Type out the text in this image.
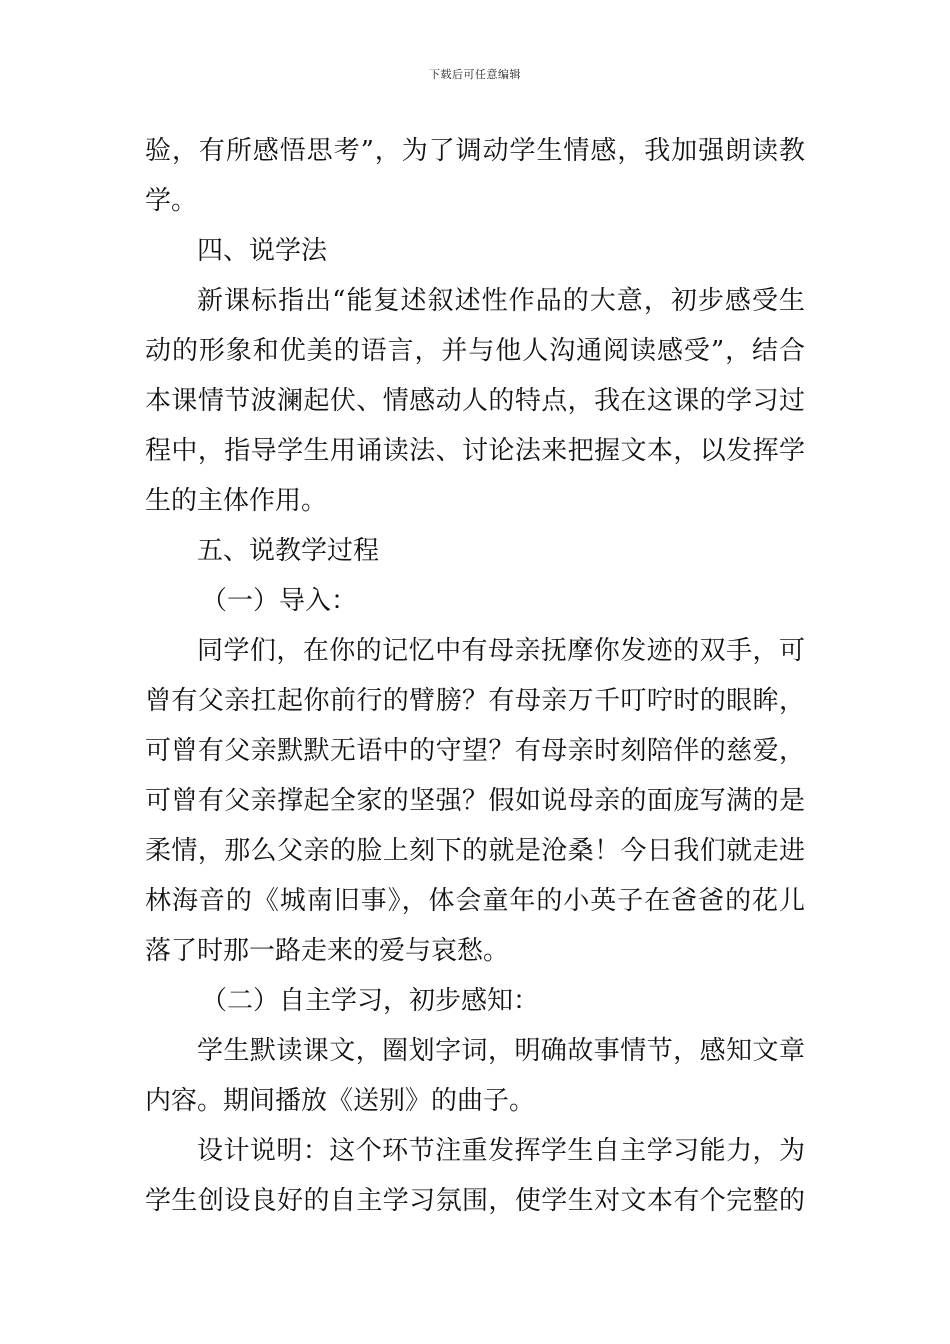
下载后可任意编辑
验，有所感悟思考”，为了调动学生情感，我加强朗读教
学。
四、说学法
新课标指出“能复述叙述性作品的大意，初步感受生
动的形象和优美的语言，并与他人沟通阅读感受”，结合
本课情节波澜起伏、情感动人的特点，我在这课的学习过
程中，指导学生用诵读法、讨论法来把握文本，以发挥学
生的主体作用。
五、说教学过程
（一）导入：
同学们，在你的记忆中有母亲抚摩你发迹的双手，可
曾有父亲扛起你前行的臂膀？有母亲万千叮咛时的眼眸，
可曾有父亲默默无语中的守望？有母亲时刻陪伴的慈爱，
可曾有父亲撑起全家的坚强？假如说母亲的面庞写满的是
柔情，那么父亲的脸上刻下的就是沧桑！今日我们就走进
林海音的《城南旧事》，体会童年的小英子在爸爸的花儿
落了时那一路走来的爱与哀愁。
（二）自主学习，初步感知：
学生默读课文，圈划字词，明确故事情节，感知文章
内容。期间播放《送别》的曲子。
设计说明：这个环节注重发挥学生自主学习能力，为
学生创设良好的自主学习氛围，使学生对文本有个完整的
